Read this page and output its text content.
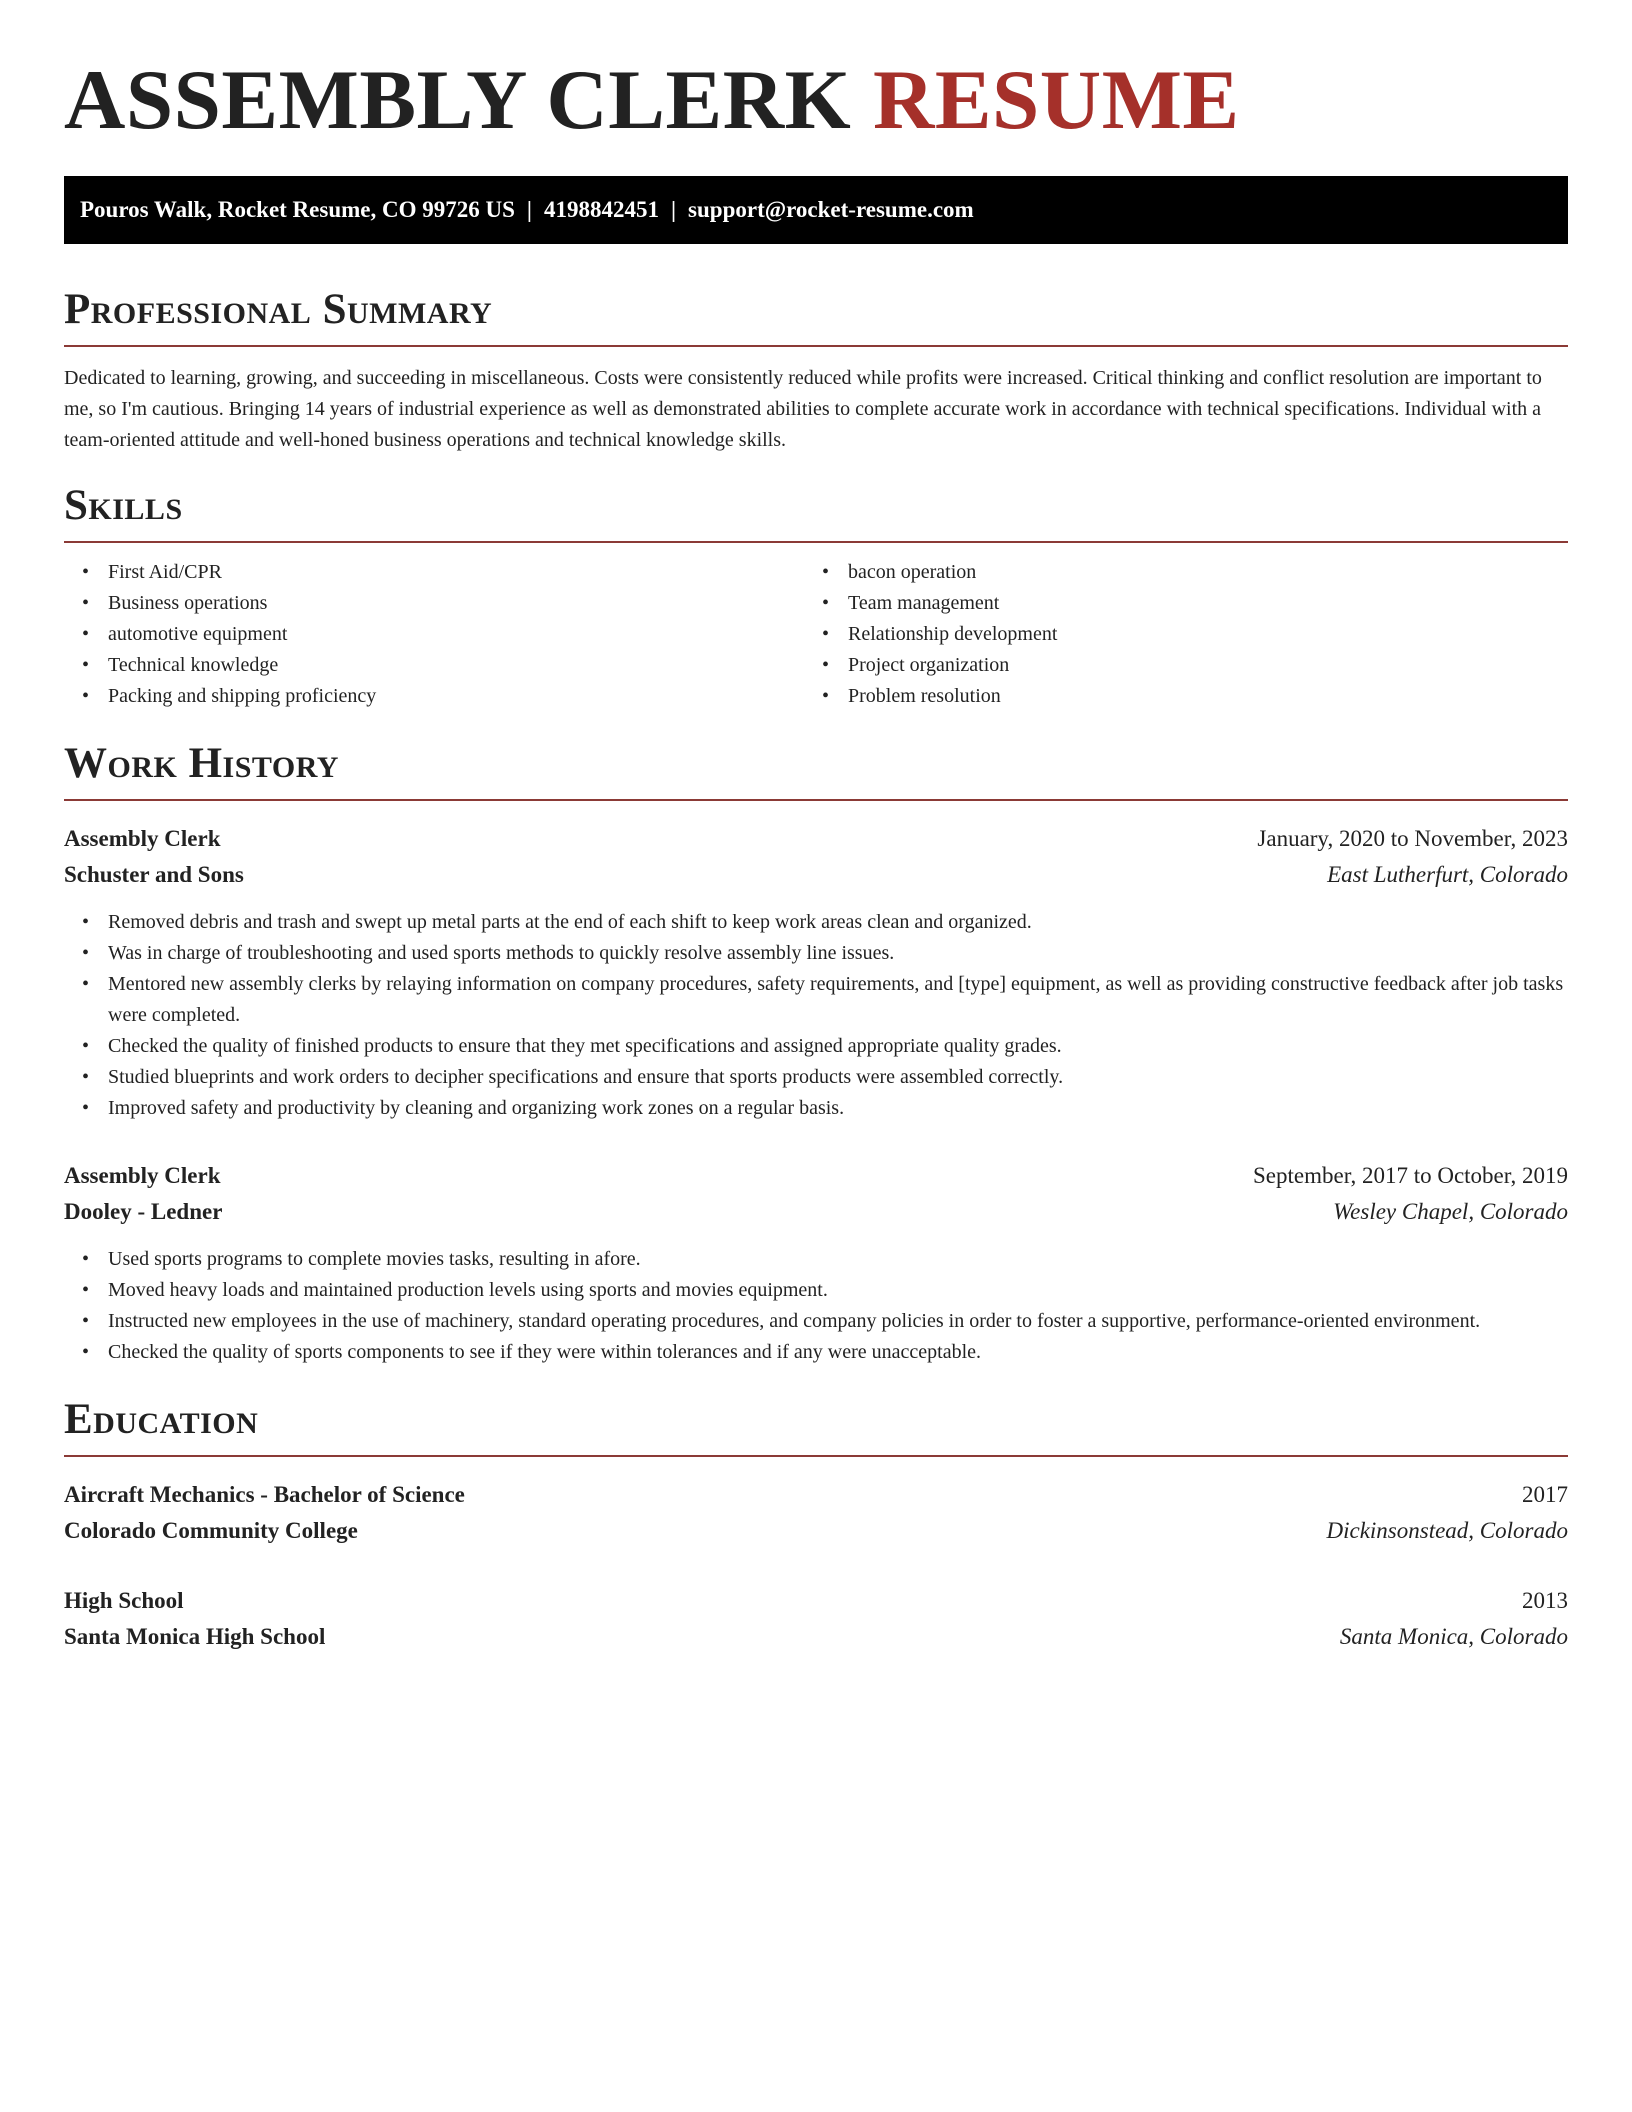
ASSEMBLY CLERK RESUME
Pouros Walk, Rocket Resume, CO 99726 US | 4198842451 | support@rocket-resume.com
Professional Summary

Dedicated to learning, growing, and succeeding in miscellaneous. Costs were consistently reduced while profits were increased. Critical thinking and conflict resolution are important to me, so I'm cautious. Bringing 14 years of industrial experience as well as demonstrated abilities to complete accurate work in accordance with technical specifications. Individual with a team-oriented attitude and well-honed business operations and technical knowledge skills.

Skills
• First Aid/CPR
• Business operations
• automotive equipment
• Technical knowledge
• Packing and shipping proficiency
• bacon operation
• Team management
• Relationship development
• Project organization
• Problem resolution
Work History
Assembly Clerk	January, 2020 to November, 2023
Schuster and Sons	East Lutherfurt, Colorado
• Removed debris and trash and swept up metal parts at the end of each shift to keep work areas clean and organized.
• Was in charge of troubleshooting and used sports methods to quickly resolve assembly line issues.
• Mentored new assembly clerks by relaying information on company procedures, safety requirements, and [type] equipment, as well as providing constructive feedback after job tasks were completed.
• Checked the quality of finished products to ensure that they met specifications and assigned appropriate quality grades.
• Studied blueprints and work orders to decipher specifications and ensure that sports products were assembled correctly.
• Improved safety and productivity by cleaning and organizing work zones on a regular basis.
Assembly Clerk	September, 2017 to October, 2019
Dooley - Ledner	Wesley Chapel, Colorado
• Used sports programs to complete movies tasks, resulting in afore.
• Moved heavy loads and maintained production levels using sports and movies equipment.
• Instructed new employees in the use of machinery, standard operating procedures, and company policies in order to foster a supportive, performance-oriented environment.
• Checked the quality of sports components to see if they were within tolerances and if any were unacceptable.
Education
Aircraft Mechanics - Bachelor of Science	2017
Colorado Community College	Dickinsonstead, Colorado
High School	2013
Santa Monica High School	Santa Monica, Colorado
